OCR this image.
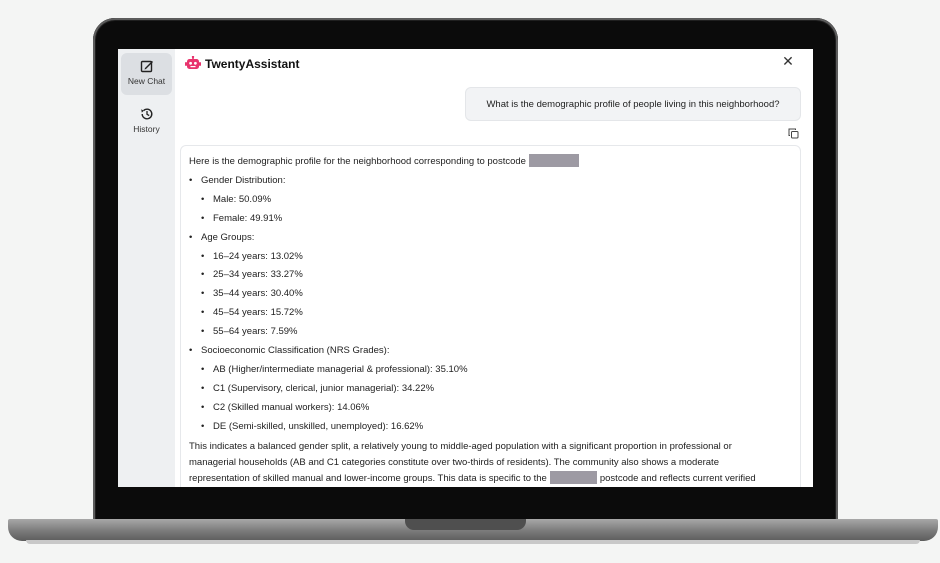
New Chat
History
TwentyAssistant	✕
What is the demographic profile of people living in this neighborhood?

Here is the demographic profile for the neighborhood corresponding to postcode

• Gender Distribution:
• Male: 50.09%
• Female: 49.91%
• Age Groups:
• 16–24 years: 13.02%
• 25–34 years: 33.27%
• 35–44 years: 30.40%
• 45–54 years: 15.72%
• 55–64 years: 7.59%
• Socioeconomic Classification (NRS Grades):
• AB (Higher/intermediate managerial & professional): 35.10%
• C1 (Supervisory, clerical, junior managerial): 34.22%
• C2 (Skilled manual workers): 14.06%
• DE (Semi-skilled, unskilled, unemployed): 16.62%

This indicates a balanced gender split, a relatively young to middle-aged population with a significant proportion in professional or
managerial households (AB and C1 categories constitute over two-thirds of residents). The community also shows a moderate
representation of skilled manual and lower-income groups. This data is specific to the	postcode and reflects current verified
